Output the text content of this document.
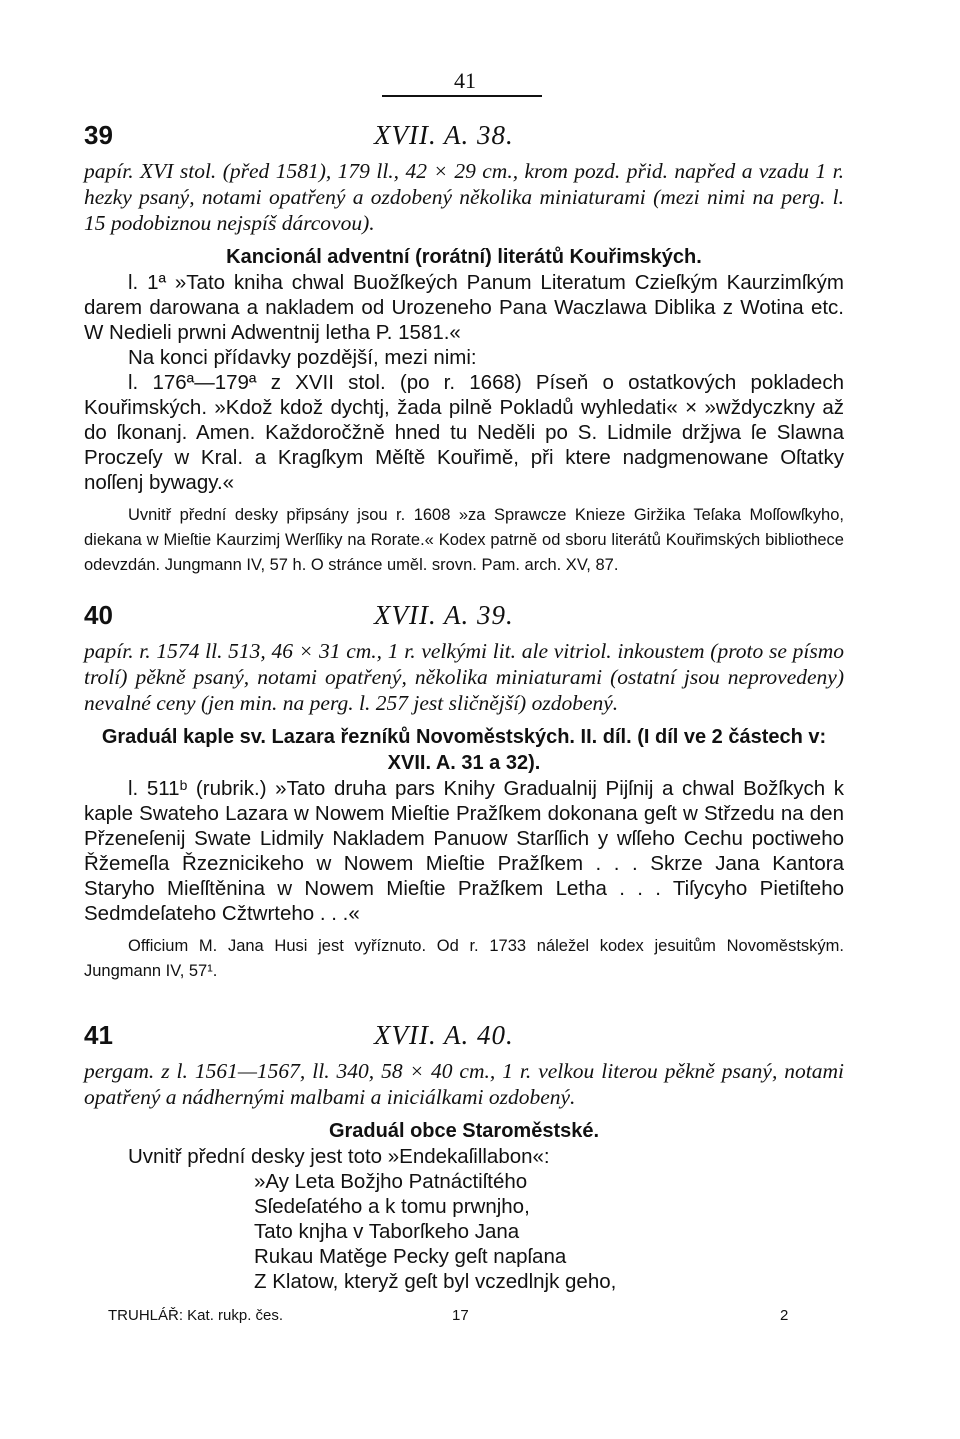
41
39	XVII. A. 38.
papír. XVI stol. (před 1581), 179 ll., 42 × 29 cm., krom pozd. přid. napřed a vzadu 1 r. hezky psaný, notami opatřený a ozdobený několika miniaturami (mezi nimi na perg. l. 15 podobiznou nejspíš dárcovou).
Kancionál adventní (rorátní) literátů Kouřimských.

l. 1ª »Tato kniha chwal Buožſkeých Panum Literatum Czieſkým Kaurzimſkým darem darowana a nakladem od Urozeneho Pana Waczlawa Diblika z Wotina etc. W Nedieli prwni Adwentnij letha P. 1581.«

Na konci přídavky pozdější, mezi nimi:

l. 176ª—179ª z XVII stol. (po r. 1668) Píseň o ostatkových pokladech Kouřimských. »Kdož kdož dychtj, žada pilně Pokladů wyhledati« × »wždyczkny až do ſkonanj. Amen. Každoročžně hned tu Neděli po S. Lidmile držjwa ſe Slawna Proczeſy w Kral. a Kragſkym Měſtě Kouřimě, při ktere nadgmenowane Oſtatky noſſenj bywagy.«

Uvnitř přední desky připsány jsou r. 1608 »za Sprawcze Knieze Giržika Teſaka Moſſowſkyho, diekana w Mieſtie Kaurzimj Werſſiky na Rorate.« Kodex patrně od sboru literátů Kouřimských bibliothece odevzdán. Jungmann IV, 57 h. O stránce uměl. srovn. Pam. arch. XV, 87.

40	XVII. A. 39.
papír. r. 1574 ll. 513, 46 × 31 cm., 1 r. velkými lit. ale vitriol. inkoustem (proto se písmo trolí) pěkně psaný, notami opatřený, několika miniaturami (ostatní jsou neprovedeny) nevalné ceny (jen min. na perg. l. 257 jest sličnější) ozdobený.
Graduál kaple sv. Lazara řezníků Novoměstských. II. díl. (I díl ve 2 částech v: XVII. A. 31 a 32).

l. 511ᵇ (rubrik.) »Tato druha pars Knihy Gradualnij Pijſnij a chwal Božſkych k kaple Swateho Lazara w Nowem Mieſtie Pražſkem dokonana geſt w Střzedu na den Přzeneſenij Swate Lidmily Nakladem Panuow Starſſich y wſſeho Cechu poctiweho Řžemeſla Řzeznicikeho w Nowem Mieſtie Pražſkem . . . Skrze Jana Kantora Staryho Mieſſtěnina w Nowem Mieſtie Pražſkem Letha . . . Tiſycyho Pietiſteho Sedmdeſateho Cžtwrteho . . .«

Officium M. Jana Husi jest vyříznuto. Od r. 1733 náležel kodex jesuitům Novoměstským. Jungmann IV, 57¹.

41	XVII. A. 40.
pergam. z l. 1561—1567, ll. 340, 58 × 40 cm., 1 r. velkou literou pěkně psaný, notami opatřený a nádhernými malbami a iniciálkami ozdobený.
Graduál obce Staroměstské.

Uvnitř přední desky jest toto »Endekaſillabon«:

»Ay Leta Božjho Patnáctiſtého
Sſedeſatého a k tomu prwnjho,
Tato knjha v Taborſkeho Jana
Rukau Matěge Pecky geſt napſana
Z Klatow, kteryž geſt byl vczedlnjk geho,
TRUHLÁŘ: Kat. rukp. čes.	17	2
